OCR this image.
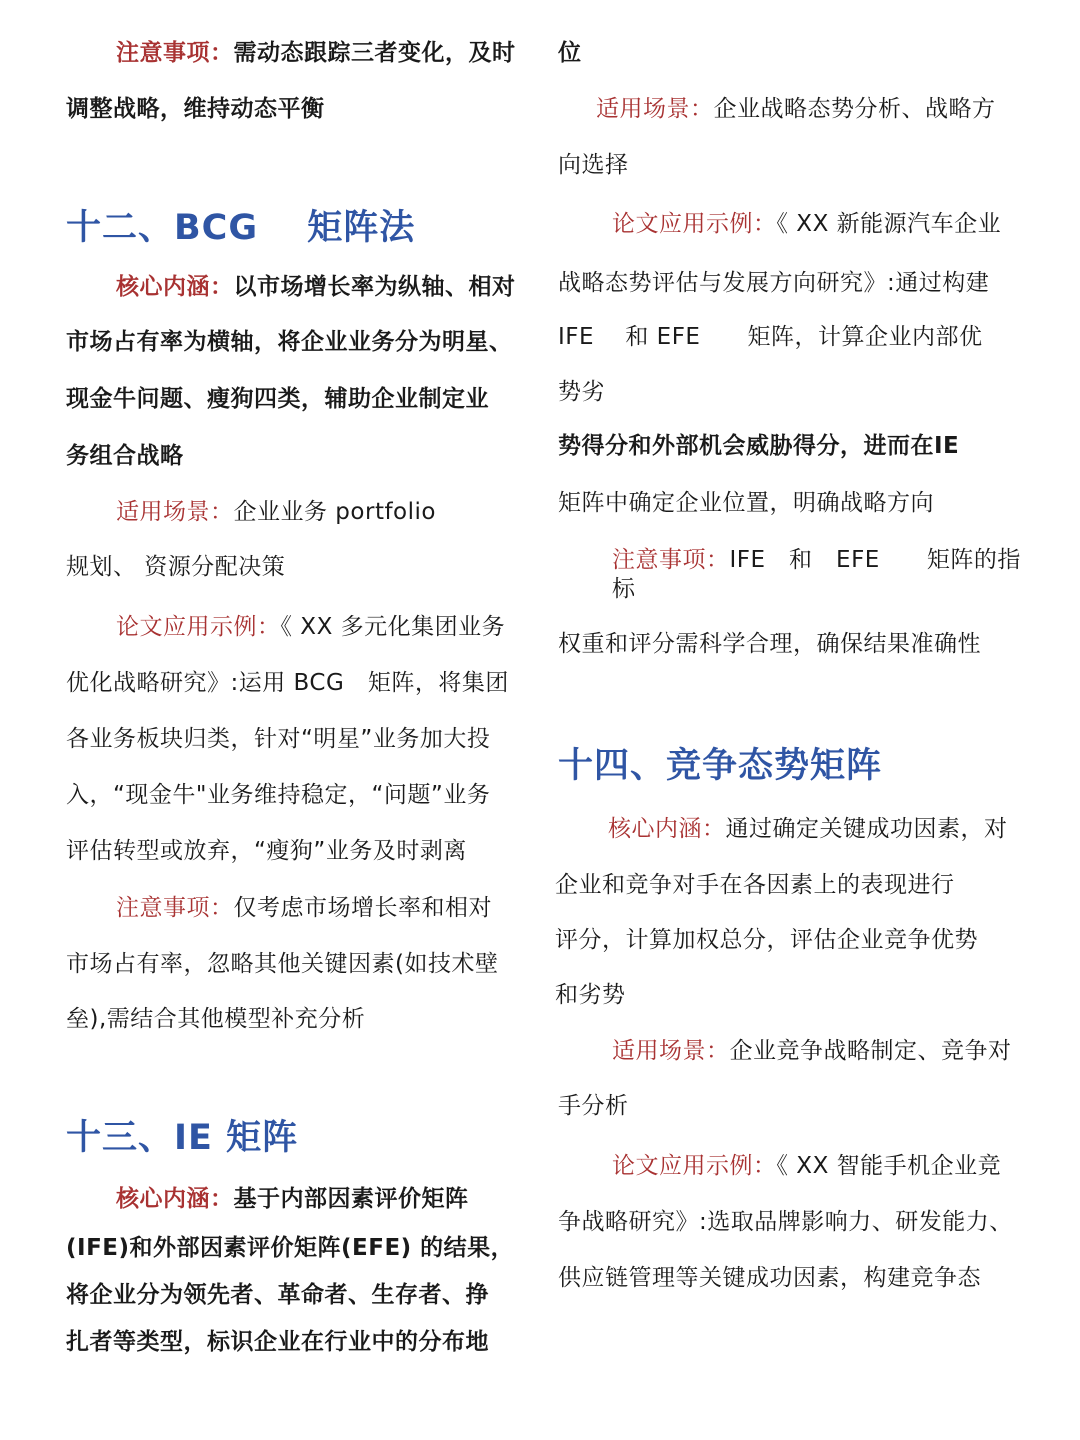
注意事项：需动态跟踪三者变化，及时
调整战略，维持动态平衡
十二、BCG　 矩阵法
核心内涵：以市场增长率为纵轴、相对
市场占有率为横轴，将企业业务分为明星、
现金牛问题、瘦狗四类，辅助企业制定业
务组合战略
适用场景：企业业务 portfolio
规划、 资源分配决策
论文应用示例：《 XX 多元化集团业务
优化战略研究》:运用 BCG　矩阵，将集团
各业务板块归类，针对“明星”业务加大投
入，“现金牛"业务维持稳定，“问题”业务
评估转型或放弃，“瘦狗”业务及时剥离
注意事项：仅考虑市场增长率和相对
市场占有率，忽略其他关键因素(如技术壁
垒),需结合其他模型补充分析
十三、IE 矩阵
核心内涵：基于内部因素评价矩阵
(IFE)和外部因素评价矩阵(EFE) 的结果，
将企业分为领先者、革命者、生存者、挣
扎者等类型，标识企业在行业中的分布地
位
适用场景：企业战略态势分析、战略方
向选择
论文应用示例：《 XX 新能源汽车企业
战略态势评估与发展方向研究》:通过构建
IFE　 和 EFE　　矩阵，计算企业内部优
势劣
势得分和外部机会威胁得分，进而在IE
矩阵中确定企业位置，明确战略方向
注意事项：IFE　和　EFE　　矩阵的指
标
权重和评分需科学合理，确保结果准确性
十四、竞争态势矩阵
核心内涵：通过确定关键成功因素，对
企业和竞争对手在各因素上的表现进行
评分，计算加权总分，评估企业竞争优势
和劣势
适用场景：企业竞争战略制定、竞争对
手分析
论文应用示例：《 XX 智能手机企业竞
争战略研究》:选取品牌影响力、研发能力、
供应链管理等关键成功因素，构建竞争态
